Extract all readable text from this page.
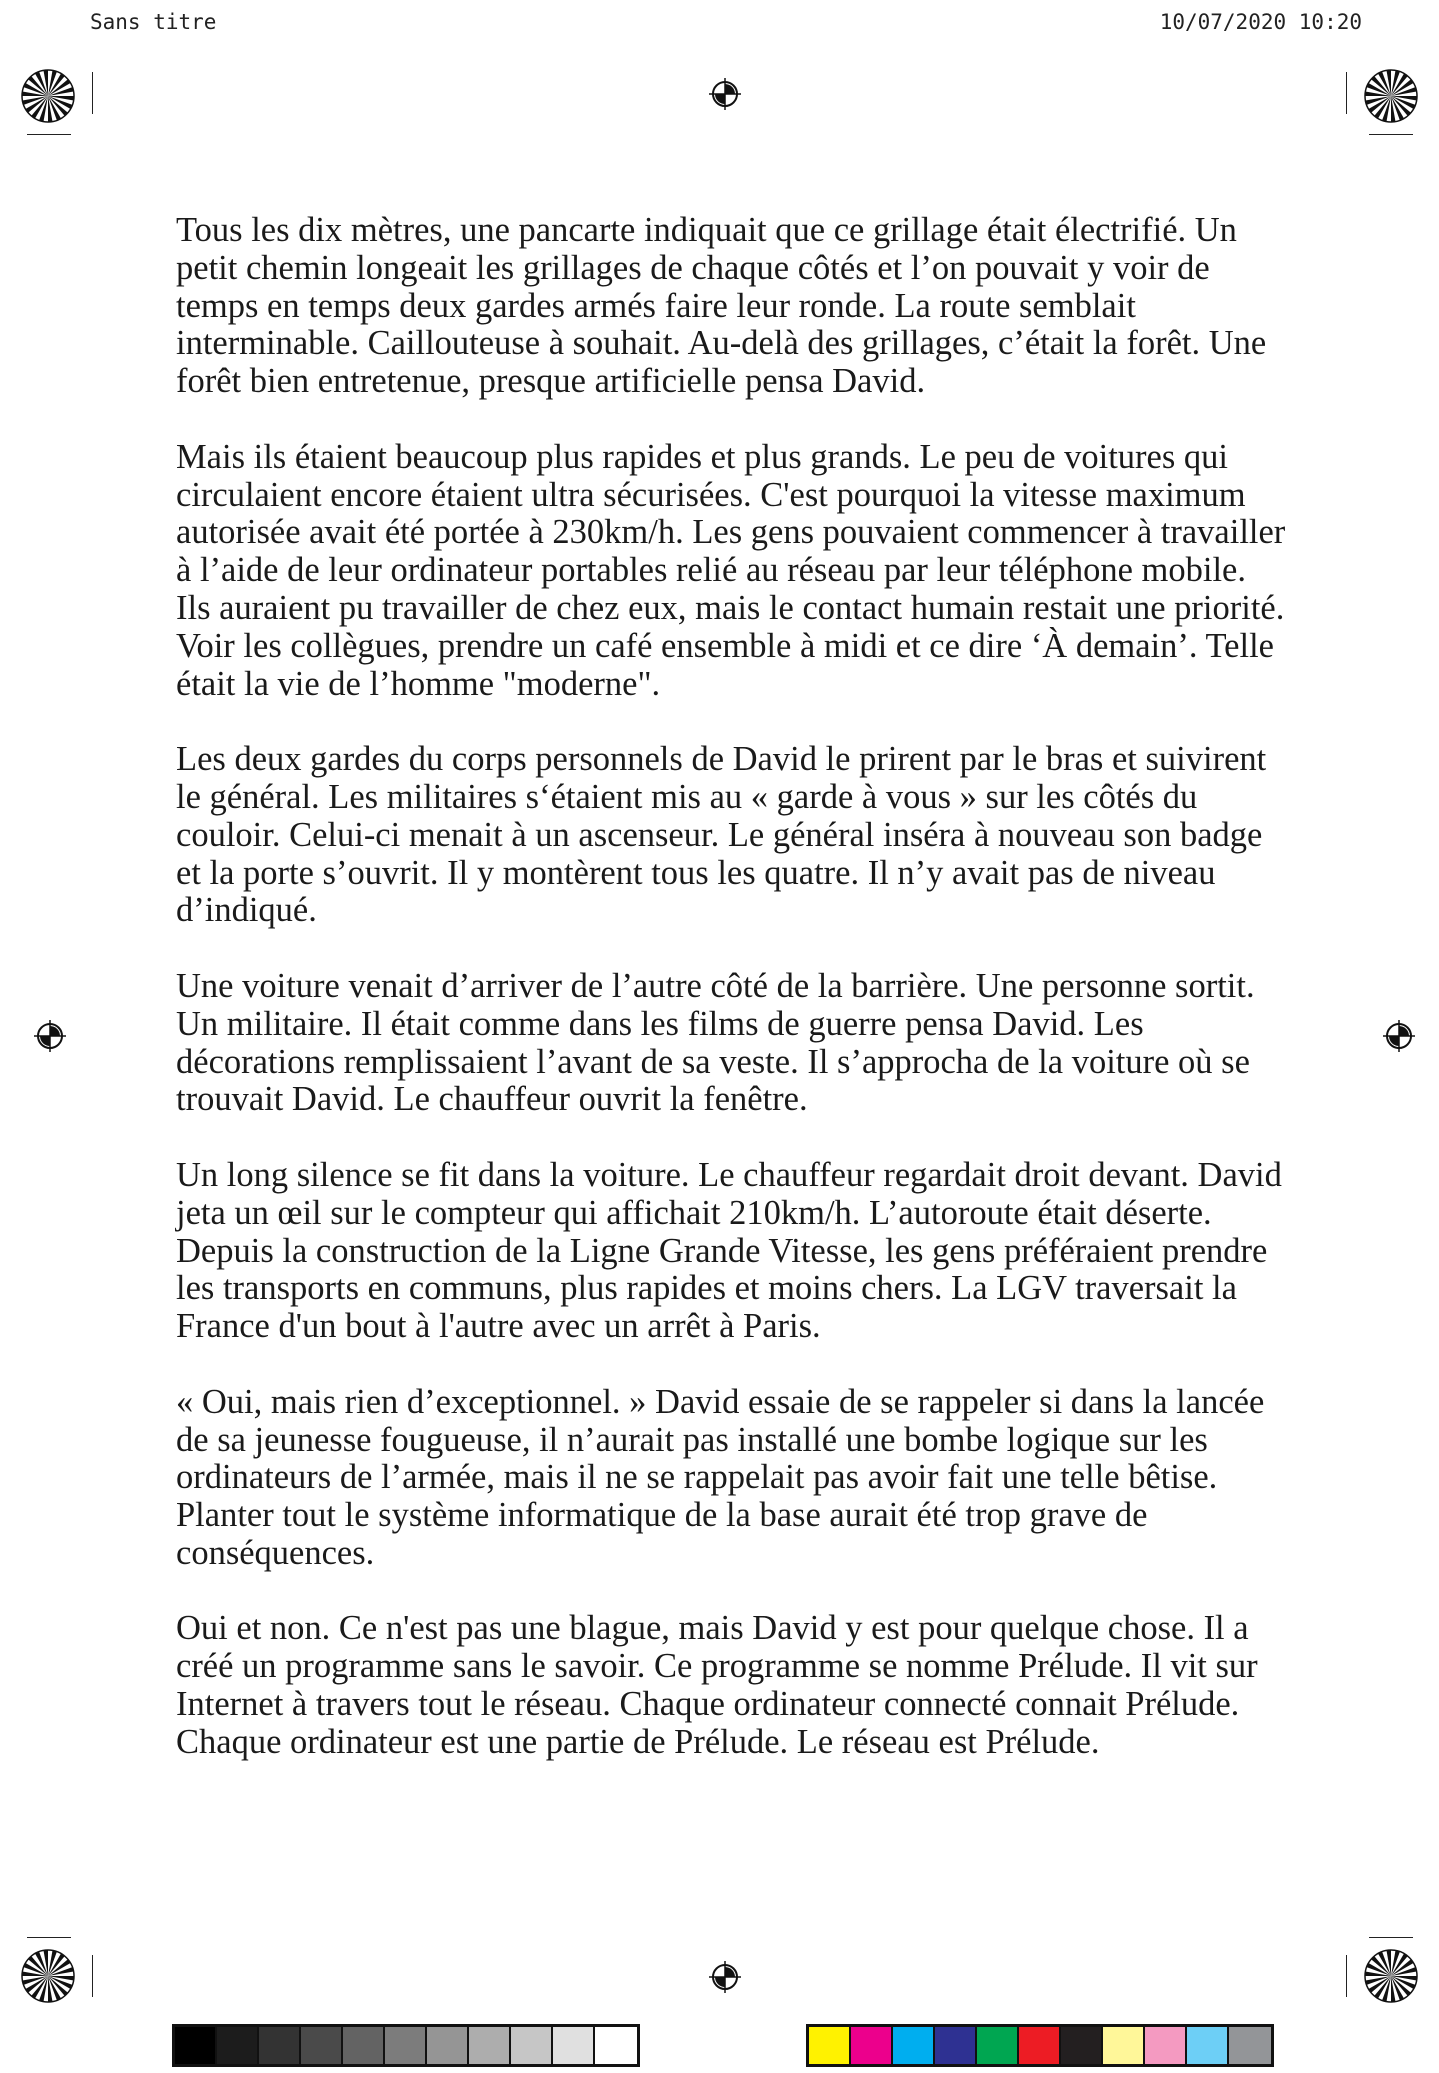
Sans titre	10/07/2020 10:20

Tous les dix mètres, une pancarte indiquait que ce grillage était électrifié. Un petit chemin longeait les grillages de chaque côtés et l’on pouvait y voir de temps en temps deux gardes armés faire leur ronde. La route semblait interminable. Caillouteuse à souhait. Au-delà des grillages, c’était la forêt. Une forêt bien entretenue, presque artificielle pensa David.

Mais ils étaient beaucoup plus rapides et plus grands. Le peu de voitures qui circulaient encore étaient ultra sécurisées. C'est pourquoi la vitesse maximum autorisée avait été portée à 230km/h. Les gens pouvaient commencer à travailler à l’aide de leur ordinateur portables relié au réseau par leur téléphone mobile. Ils auraient pu travailler de chez eux, mais le contact humain restait une priorité. Voir les collègues, prendre un café ensemble à midi et ce dire ‘À demain’. Telle était la vie de l’homme "moderne".

Les deux gardes du corps personnels de David le prirent par le bras et suivirent le général. Les militaires s‘étaient mis au « garde à vous » sur les côtés du couloir. Celui-ci menait à un ascenseur. Le général inséra à nouveau son badge et la porte s’ouvrit. Il y montèrent tous les quatre. Il n’y avait pas de niveau d’indiqué.

Une voiture venait d’arriver de l’autre côté de la barrière. Une personne sortit. Un militaire. Il était comme dans les films de guerre pensa David. Les décorations remplissaient l’avant de sa veste. Il s’approcha de la voiture où se trouvait David. Le chauffeur ouvrit la fenêtre.

Un long silence se fit dans la voiture. Le chauffeur regardait droit devant. David jeta un œil sur le compteur qui affichait 210km/h. L’autoroute était déserte. Depuis la construction de la Ligne Grande Vitesse, les gens préféraient prendre les transports en communs, plus rapides et moins chers. La LGV traversait la France d'un bout à l'autre avec un arrêt à Paris.

« Oui, mais rien d’exceptionnel. » David essaie de se rappeler si dans la lancée de sa jeunesse fougueuse, il n’aurait pas installé une bombe logique sur les ordinateurs de l’armée, mais il ne se rappelait pas avoir fait une telle bêtise. Planter tout le système informatique de la base aurait été trop grave de conséquences.

Oui et non. Ce n'est pas une blague, mais David y est pour quelque chose. Il a créé un programme sans le savoir. Ce programme se nomme Prélude. Il vit sur Internet à travers tout le réseau. Chaque ordinateur connecté connait Prélude. Chaque ordinateur est une partie de Prélude. Le réseau est Prélude.
